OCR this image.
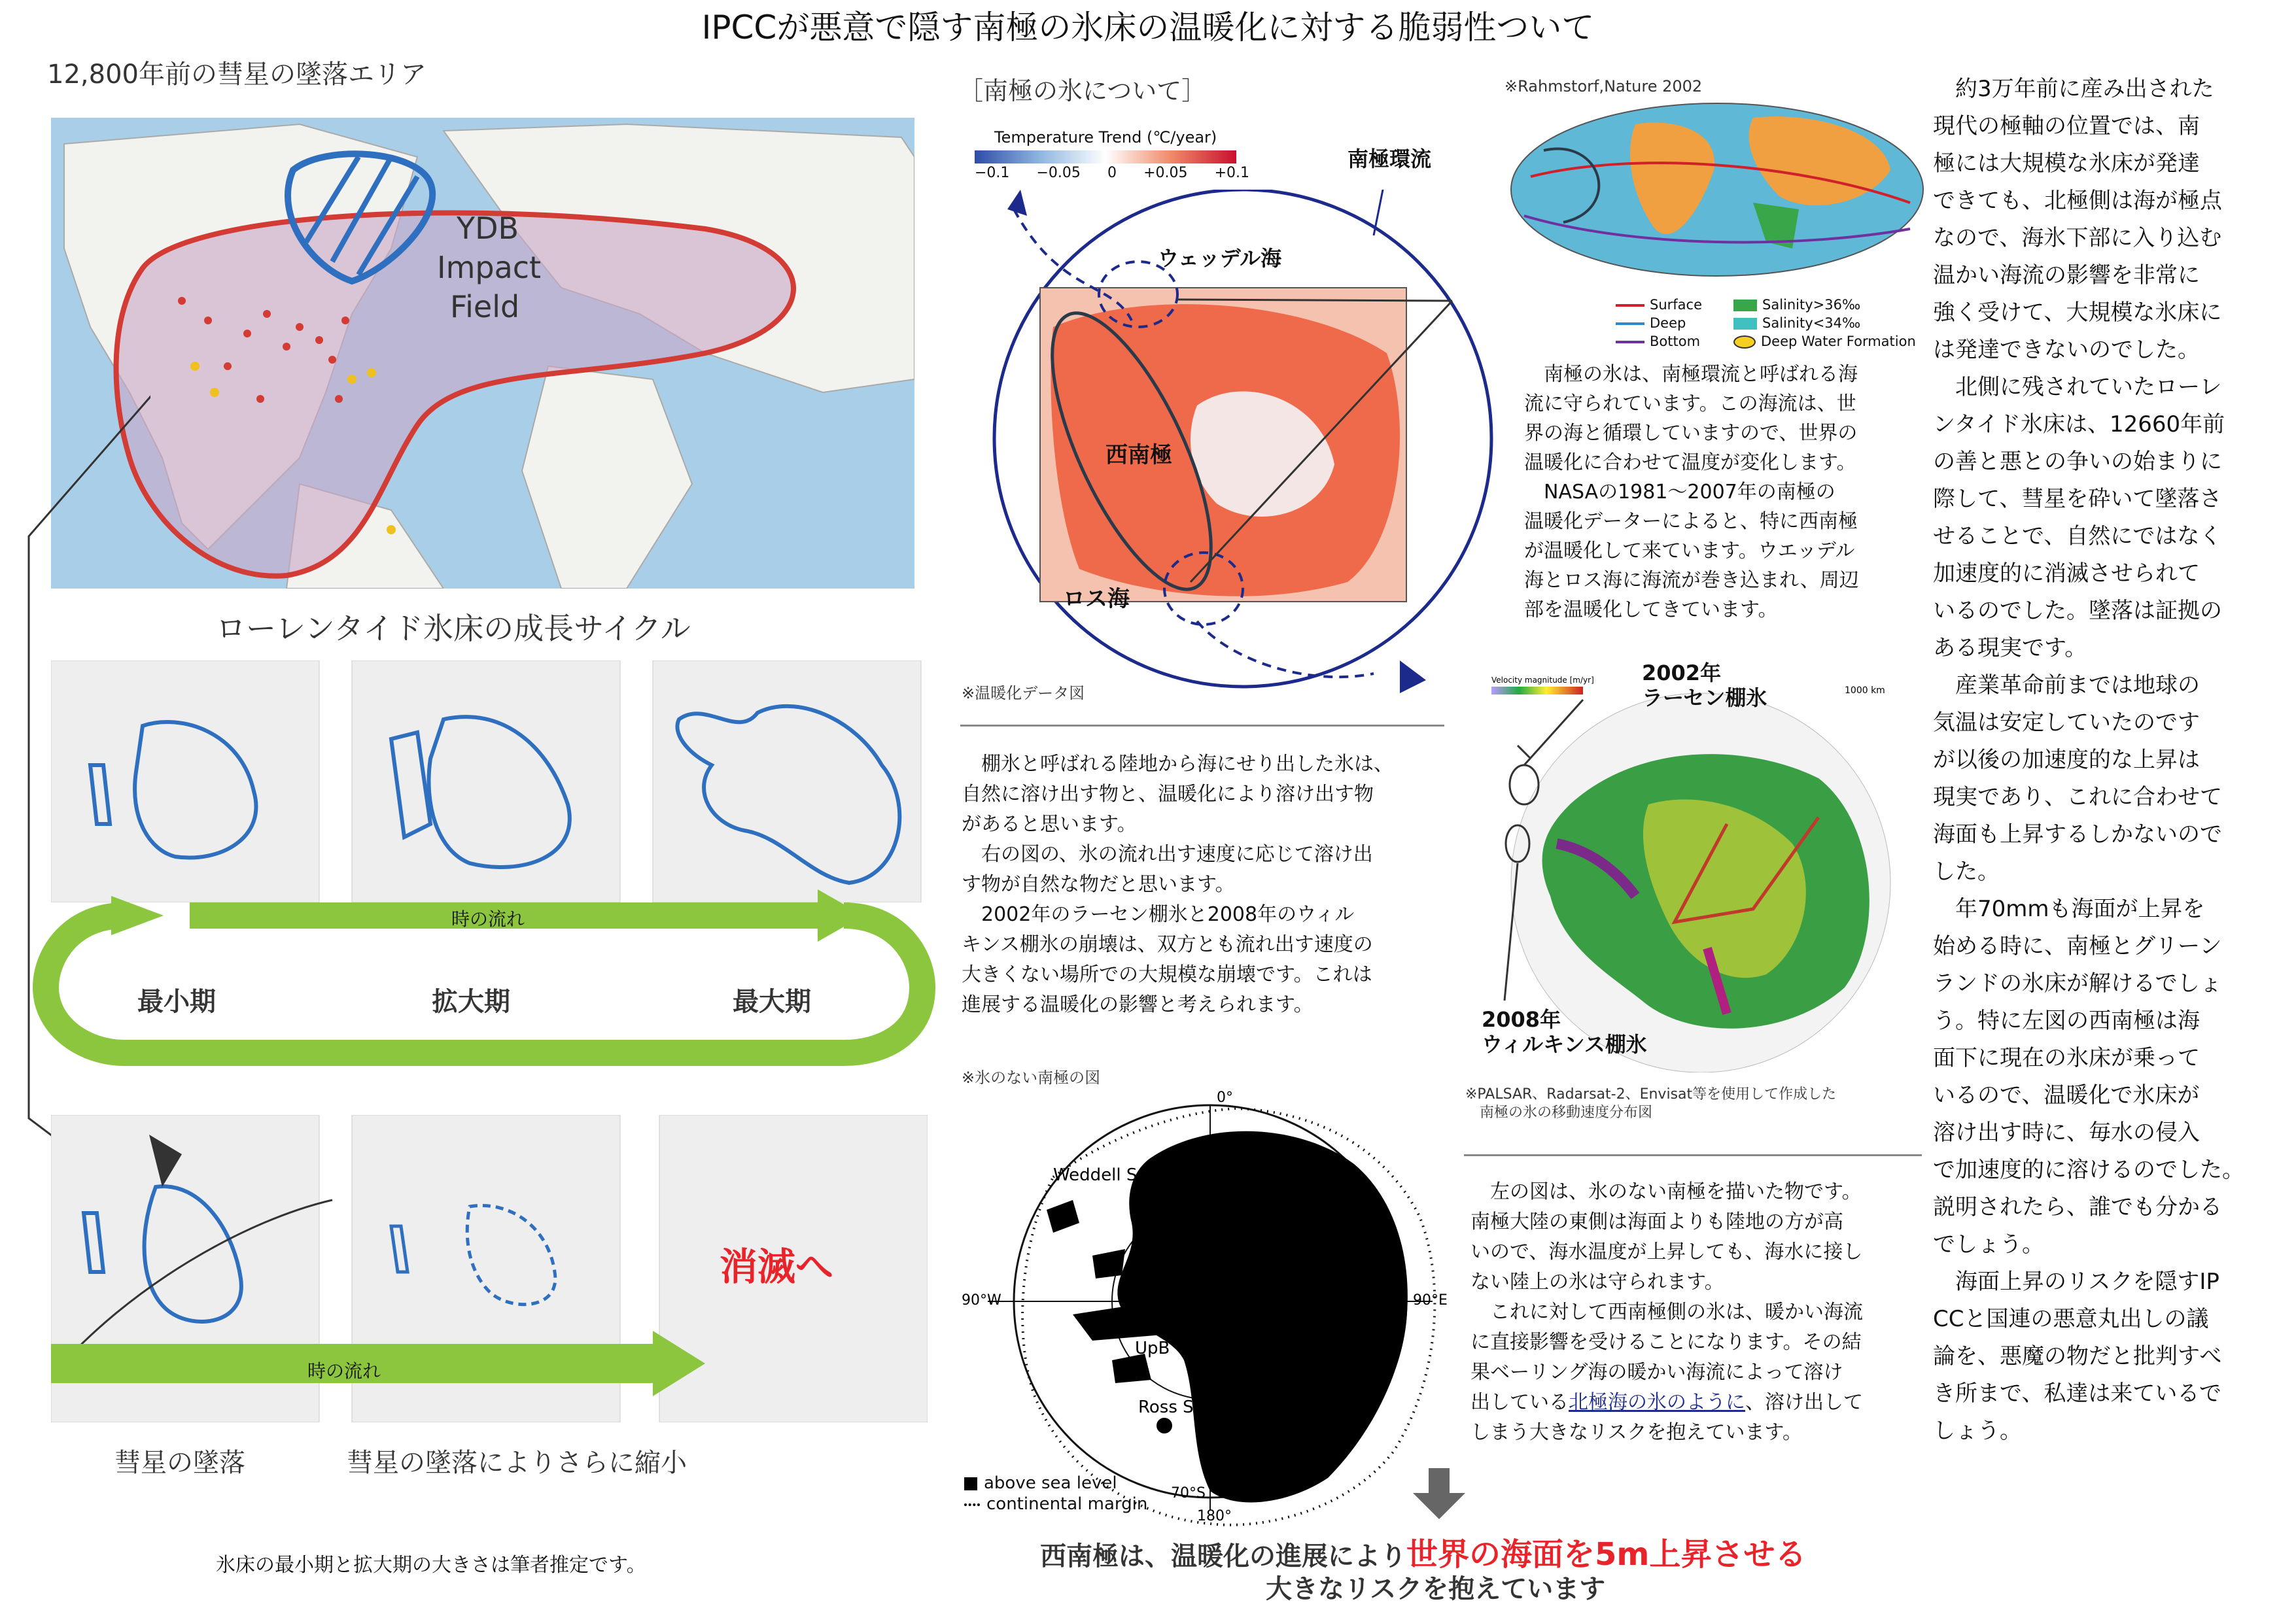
IPCCが悪意で隠す南極の氷床の温暖化に対する脆弱性ついて
12,800年前の彗星の墜落エリア
YDB
Impact
Field
ローレンタイド氷床の成長サイクル
時の流れ
最小期	拡大期	最大期
消滅へ
時の流れ
彗星の墜落	彗星の墜落によりさらに縮小
氷床の最小期と拡大期の大きさは筆者推定です。
［南極の氷について］	※Rahmstorf,Nature 2002
Temperature Trend (℃/year)
−0.1 −0.05 0 +0.05 +0.1
南極環流
ウェッデル海
西南極
ロス海
Surface
Deep
Bottom
Salinity>36‰
Salinity<34‰
Deep Water Formation
　南極の氷は、南極環流と呼ばれる海
流に守られています。この海流は、世
界の海と循環していますので、世界の
温暖化に合わせて温度が変化します。
　NASAの1981～2007年の南極の
温暖化データーによると、特に西南極
が温暖化して来ています。ウエッデル
海とロス海に海流が巻き込まれ、周辺
部を温暖化してきています。
※温暖化データ図
　棚氷と呼ばれる陸地から海にせり出した氷は、
自然に溶け出す物と、温暖化により溶け出す物
があると思います。
　右の図の、氷の流れ出す速度に応じて溶け出
す物が自然な物だと思います。
　2002年のラーセン棚氷と2008年のウィル
キンス棚氷の崩壊は、双方とも流れ出す速度の
大きくない場所での大規模な崩壊です。これは
進展する温暖化の影響と考えられます。
Velocity magnitude [m/yr]
1000 km
2002年
ラーセン棚氷
2008年
ウィルキンス棚氷
※PALSAR、Radarsat-2、Envisat等を使用して作成した
　南極の氷の移動速度分布図
※氷のない南極の図
0°
90°W	90°E
180°
70°S
Weddell Sea
UpB
Ross Sea
CR
CB
above sea level
continental margin
　左の図は、氷のない南極を描いた物です。
南極大陸の東側は海面よりも陸地の方が高
いので、海水温度が上昇しても、海水に接し
ない陸上の氷は守られます。
　これに対して西南極側の氷は、暖かい海流
に直接影響を受けることになります。その結
果ベーリング海の暖かい海流によって溶け
出している北極海の氷のように、溶け出して
しまう大きなリスクを抱えています。
西南極は、温暖化の進展により世界の海面を5m上昇させる
大きなリスクを抱えています
　約3万年前に産み出された
現代の極軸の位置では、南
極には大規模な氷床が発達
できても、北極側は海が極点
なので、海氷下部に入り込む
温かい海流の影響を非常に
強く受けて、大規模な氷床に
は発達できないのでした。
　北側に残されていたローレ
ンタイド氷床は、12660年前
の善と悪との争いの始まりに
際して、彗星を砕いて墜落さ
せることで、自然にではなく
加速度的に消滅させられて
いるのでした。墜落は証拠の
ある現実です。
　産業革命前までは地球の
気温は安定していたのです
が以後の加速度的な上昇は
現実であり、これに合わせて
海面も上昇するしかないので
した。
　年70mmも海面が上昇を
始める時に、南極とグリーン
ランドの氷床が解けるでしょ
う。特に左図の西南極は海
面下に現在の氷床が乗って
いるので、温暖化で氷床が
溶け出す時に、毎水の侵入
で加速度的に溶けるのでした。
説明されたら、誰でも分かる
でしょう。
　海面上昇のリスクを隠すIP
CCと国連の悪意丸出しの議
論を、悪魔の物だと批判すべ
き所まで、私達は来ているで
しょう。
